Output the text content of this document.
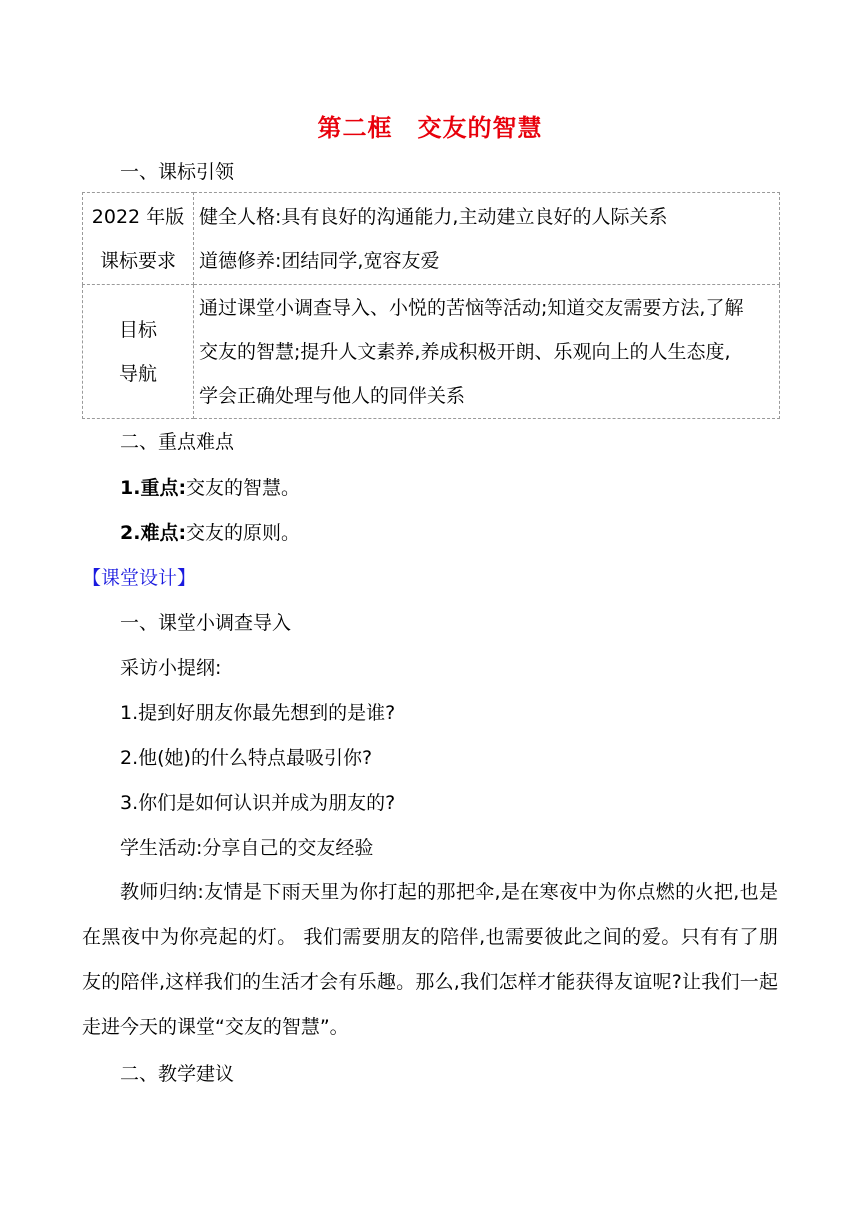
第二框　交友的智慧
一、课标引领
2022 年版
课标要求	健全人格:具有良好的沟通能力,主动建立良好的人际关系
道德修养:团结同学,宽容友爱

目标
导航	通过课堂小调查导入、小悦的苦恼等活动;知道交友需要方法,了解
交友的智慧;提升人文素养,养成积极开朗、乐观向上的人生态度,
学会正确处理与他人的同伴关系
二、重点难点
1.重点:交友的智慧。
2.难点:交友的原则。
【课堂设计】
一、课堂小调查导入
采访小提纲:
1.提到好朋友你最先想到的是谁?
2.他(她)的什么特点最吸引你?
3.你们是如何认识并成为朋友的?
学生活动:分享自己的交友经验
教师归纳:友情是下雨天里为你打起的那把伞,是在寒夜中为你点燃的火把,也是在黑夜中为你亮起的灯。 我们需要朋友的陪伴,也需要彼此之间的爱。只有有了朋友的陪伴,这样我们的生活才会有乐趣。那么,我们怎样才能获得友谊呢?让我们一起走进今天的课堂“交友的智慧”。
二、教学建议
